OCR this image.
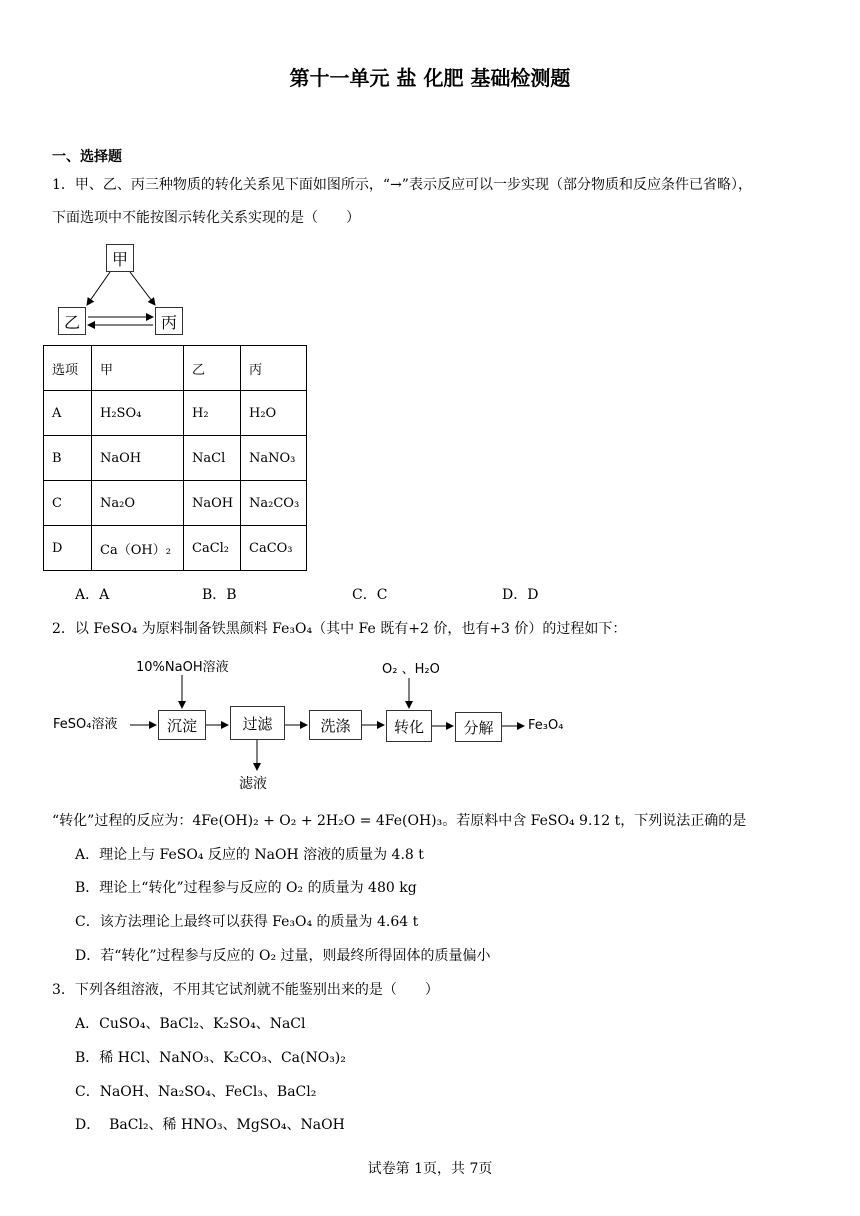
第十一单元 盐 化肥 基础检测题
一、选择题
1．甲、乙、丙三种物质的转化关系见下面如图所示，“→”表示反应可以一步实现（部分物质和反应条件已省略），
下面选项中不能按图示转化关系实现的是（　　）
甲
乙	丙
选项	甲	乙	丙
A	H₂SO₄	H₂	H₂O
B	NaOH	NaCl	NaNO₃
C	Na₂O	NaOH	Na₂CO₃
D	Ca（OH）₂	CaCl₂	CaCO₃
A．A	B．B	C．C	D．D
2．以 FeSO₄ 为原料制备铁黑颜料 Fe₃O₄（其中 Fe 既有+2 价，也有+3 价）的过程如下：
10%NaOH溶液	O₂ 、H₂O
FeSO₄溶液	沉淀	过滤	洗涤	转化	分解	Fe₃O₄
滤液
“转化”过程的反应为：4Fe(OH)₂ + O₂ + 2H₂O = 4Fe(OH)₃。若原料中含 FeSO₄ 9.12 t，下列说法正确的是
A．理论上与 FeSO₄ 反应的 NaOH 溶液的质量为 4.8 t
B．理论上“转化”过程参与反应的 O₂ 的质量为 480 kg
C．该方法理论上最终可以获得 Fe₃O₄ 的质量为 4.64 t
D．若“转化”过程参与反应的 O₂ 过量，则最终所得固体的质量偏小
3．下列各组溶液，不用其它试剂就不能鉴别出来的是（　　）
A．CuSO₄、BaCl₂、K₂SO₄、NaCl
B．稀 HCl、NaNO₃、K₂CO₃、Ca(NO₃)₂
C．NaOH、Na₂SO₄、FeCl₃、BaCl₂
D．  BaCl₂、稀 HNO₃、MgSO₄、NaOH
试卷第 1页，共 7页
